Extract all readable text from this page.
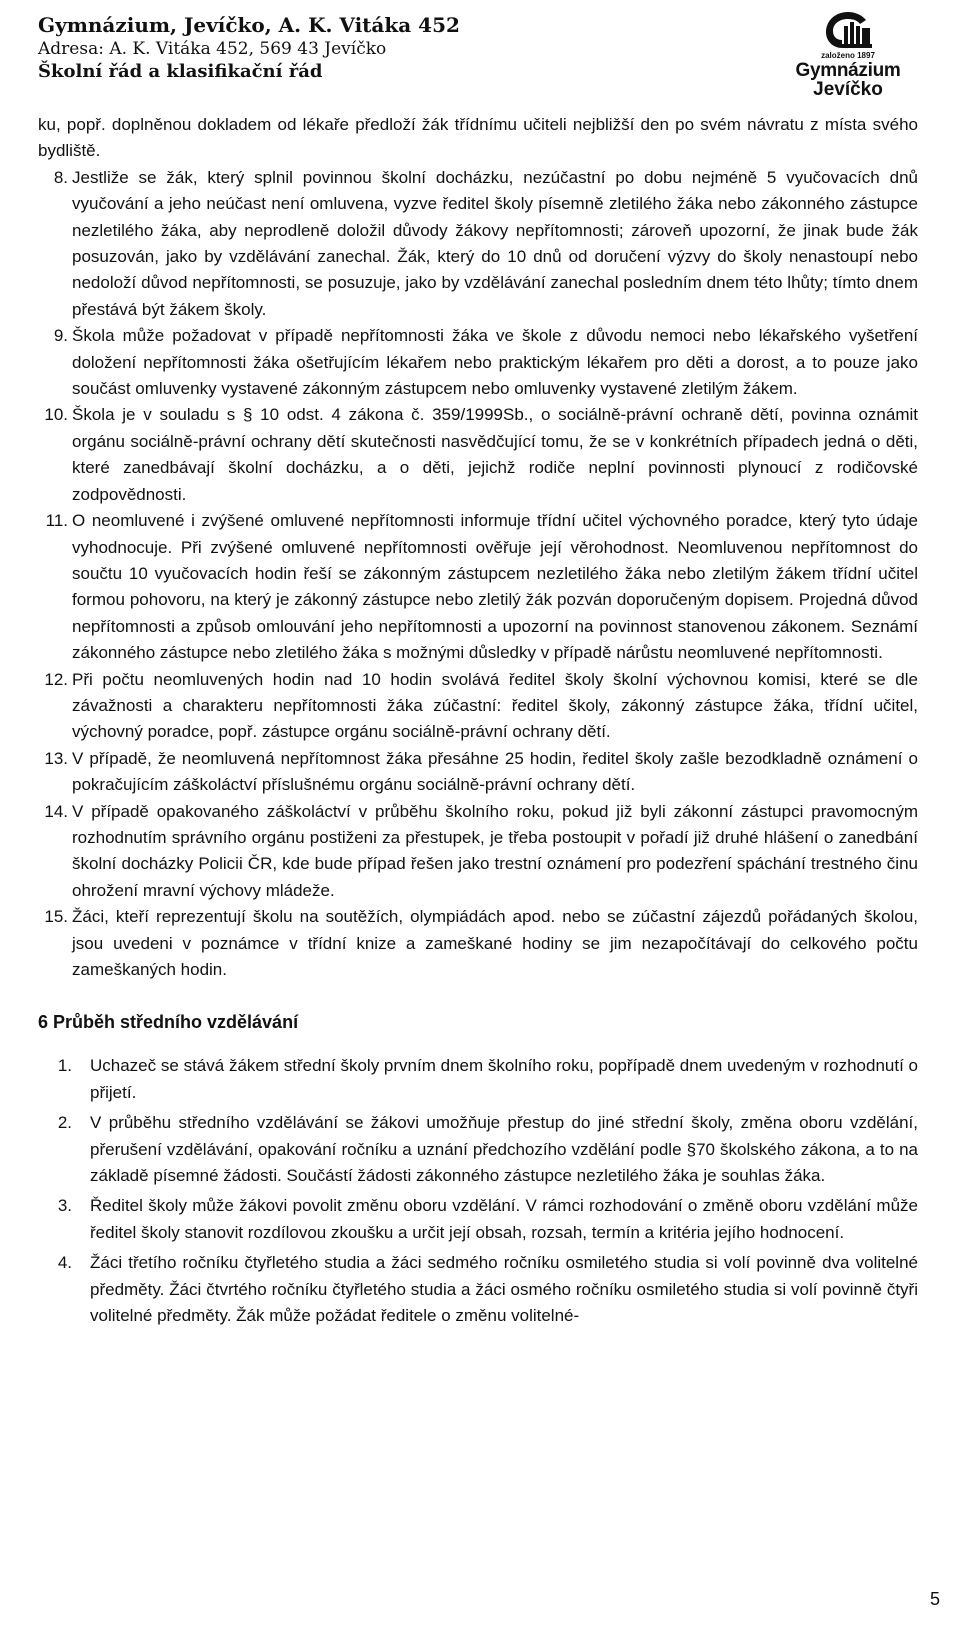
Gymnázium, Jevíčko, A. K. Vitáka 452
Adresa: A. K. Vitáka 452, 569 43 Jevíčko
Školní řád a klasifikační řád
založeno 1897
Gymnázium
Jevíčko

ku, popř. doplněnou dokladem od lékaře předloží žák třídnímu učiteli nejbližší den po svém návratu z místa svého bydliště.

8. Jestliže se žák, který splnil povinnou školní docházku, nezúčastní po dobu nejméně 5 vyučovacích dnů vyučování a jeho neúčast není omluvena, vyzve ředitel školy písemně zletilého žáka nebo zákonného zástupce nezletilého žáka, aby neprodleně doložil důvody žákovy nepřítomnosti; zároveň upozorní, že jinak bude žák posuzován, jako by vzdělávání zanechal. Žák, který do 10 dnů od doručení výzvy do školy nenastoupí nebo nedoloží důvod nepřítomnosti, se posuzuje, jako by vzdělávání zanechal posledním dnem této lhůty; tímto dnem přestává být žákem školy.
9. Škola může požadovat v případě nepřítomnosti žáka ve škole z důvodu nemoci nebo lékařského vyšetření doložení nepřítomnosti žáka ošetřujícím lékařem nebo praktickým lékařem pro děti a dorost, a to pouze jako součást omluvenky vystavené zákonným zástupcem nebo omluvenky vystavené zletilým žákem.
10. Škola je v souladu s § 10 odst. 4 zákona č. 359/1999Sb., o sociálně-právní ochraně dětí, povinna oznámit orgánu sociálně-právní ochrany dětí skutečnosti nasvědčující tomu, že se v konkrétních případech jedná o děti, které zanedbávají školní docházku, a o děti, jejichž rodiče neplní povinnosti plynoucí z rodičovské zodpovědnosti.
11. O neomluvené i zvýšené omluvené nepřítomnosti informuje třídní učitel výchovného poradce, který tyto údaje vyhodnocuje. Při zvýšené omluvené nepřítomnosti ověřuje její věrohodnost. Neomluvenou nepřítomnost do součtu 10 vyučovacích hodin řeší se zákonným zástupcem nezletilého žáka nebo zletilým žákem třídní učitel formou pohovoru, na který je zákonný zástupce nebo zletilý žák pozván doporučeným dopisem. Projedná důvod nepřítomnosti a způsob omlouvání jeho nepřítomnosti a upozorní na povinnost stanovenou zákonem. Seznámí zákonného zástupce nebo zletilého žáka s možnými důsledky v případě nárůstu neomluvené nepřítomnosti.
12. Při počtu neomluvených hodin nad 10 hodin svolává ředitel školy školní výchovnou komisi, které se dle závažnosti a charakteru nepřítomnosti žáka zúčastní: ředitel školy, zákonný zástupce žáka, třídní učitel, výchovný poradce, popř. zástupce orgánu sociálně-právní ochrany dětí.
13. V případě, že neomluvená nepřítomnost žáka přesáhne 25 hodin, ředitel školy zašle bezodkladně oznámení o pokračujícím záškoláctví příslušnému orgánu sociálně-právní ochrany dětí.
14. V případě opakovaného záškoláctví v průběhu školního roku, pokud již byli zákonní zástupci pravomocným rozhodnutím správního orgánu postiženi za přestupek, je třeba postoupit v pořadí již druhé hlášení o zanedbání školní docházky Policii ČR, kde bude případ řešen jako trestní oznámení pro podezření spáchání trestného činu ohrožení mravní výchovy mládeže.
15. Žáci, kteří reprezentují školu na soutěžích, olympiádách apod. nebo se zúčastní zájezdů pořádaných školou, jsou uvedeni v poznámce v třídní knize a zameškané hodiny se jim nezapočítávají do celkového počtu zameškaných hodin.
6 Průběh středního vzdělávání
1. Uchazeč se stává žákem střední školy prvním dnem školního roku, popřípadě dnem uvedeným v rozhodnutí o přijetí.
2. V průběhu středního vzdělávání se žákovi umožňuje přestup do jiné střední školy, změna oboru vzdělání, přerušení vzdělávání, opakování ročníku a uznání předchozího vzdělání podle §70 školského zákona, a to na základě písemné žádosti. Součástí žádosti zákonného zástupce nezletilého žáka je souhlas žáka.
3. Ředitel školy může žákovi povolit změnu oboru vzdělání. V rámci rozhodování o změně oboru vzdělání může ředitel školy stanovit rozdílovou zkoušku a určit její obsah, rozsah, termín a kritéria jejího hodnocení.
4. Žáci třetího ročníku čtyřletého studia a žáci sedmého ročníku osmiletého studia si volí povinně dva volitelné předměty. Žáci čtvrtého ročníku čtyřletého studia a žáci osmého ročníku osmiletého studia si volí povinně čtyři volitelné předměty. Žák může požádat ředitele o změnu volitelné-
5
